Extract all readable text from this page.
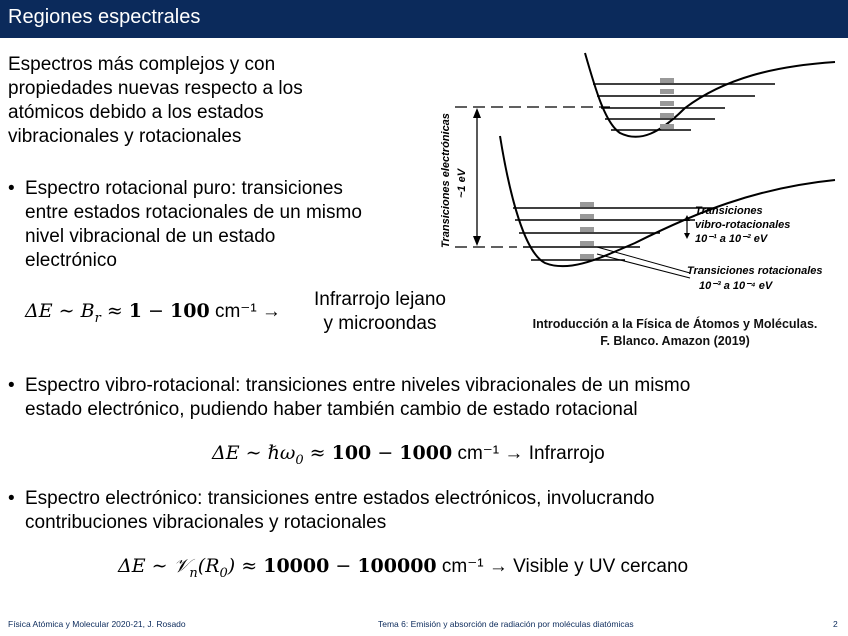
Regiones espectrales
Espectros más complejos y con
propiedades nuevas respecto a los
atómicos debido a los estados
vibracionales y rotacionales
• Espectro rotacional puro: transiciones
entre estados rotacionales de un mismo
nivel vibracional de un estado
electrónico
ΔE ∼ $B_r \approx 1 - 100$ cm⁻¹ →
Infrarrojo lejano
y microondas
Transiciones electrónicas ~1 eV
Transiciones
vibro-rotacionales
10⁻¹ a 10⁻² eV
Transiciones rotacionales
10⁻³ a 10⁻⁴ eV
Introducción a la Física de Átomos y Moléculas.
F. Blanco. Amazon (2019)
• Espectro vibro-rotacional: transiciones entre niveles vibracionales de un mismo
estado electrónico, pudiendo haber también cambio de estado rotacional
ΔE ∼ ℏω$_0$ ≈ 100 − 1000 cm⁻¹ → Infrarrojo
• Espectro electrónico: transiciones entre estados electrónicos, involucrando
contribuciones vibracionales y rotacionales
ΔE ∼ $𝒱_n(R_0) \approx 10000 - 100000$ cm⁻¹ → Visible y UV cercano
Física Atómica y Molecular 2020-21, J. Rosado	Tema 6: Emisión y absorción de radiación por moléculas diatómicas	2
